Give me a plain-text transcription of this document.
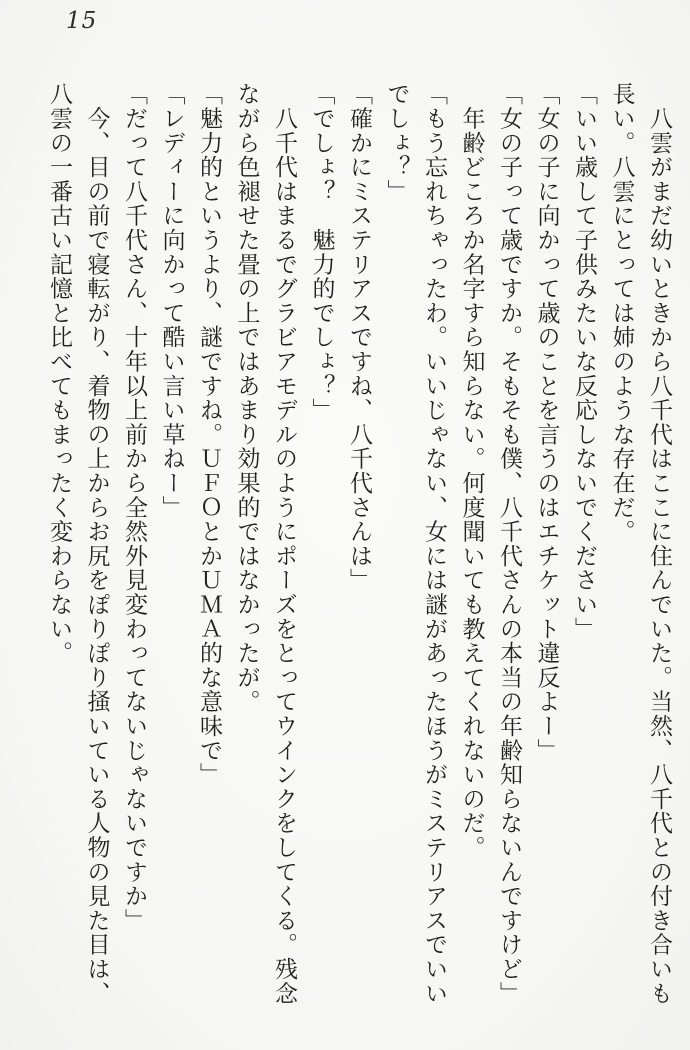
15

　八雲がまだ幼いときから八千代はここに住んでいた。当然、八千代との付き合いも長い。八雲にとっては姉のような存在だ。

「いい歳して子供みたいな反応しないでください」

「女の子に向かって歳のことを言うのはエチケット違反よー」

「女の子って歳ですか。そもそも僕、八千代さんの本当の年齢知らないんですけど」

　年齢どころか名字すら知らない。何度聞いても教えてくれないのだ。

「もう忘れちゃったわ。いいじゃない、女には謎があったほうがミステリアスでいいでしょ？」

「確かにミステリアスですね、八千代さんは」

「でしょ？　魅力的でしょ？」

　八千代はまるでグラビアモデルのようにポーズをとってウインクをしてくる。残念ながら色褪せた畳の上ではあまり効果的ではなかったが。

「魅力的というより、謎ですね。ＵＦＯとかＵＭＡ的な意味で」

「レディーに向かって酷い言い草ねー」

「だって八千代さん、十年以上前から全然外見変わってないじゃないですか」

　今、目の前で寝転がり、着物の上からお尻をぽりぽり掻いている人物の見た目は、八雲の一番古い記憶と比べてもまったく変わらない。
